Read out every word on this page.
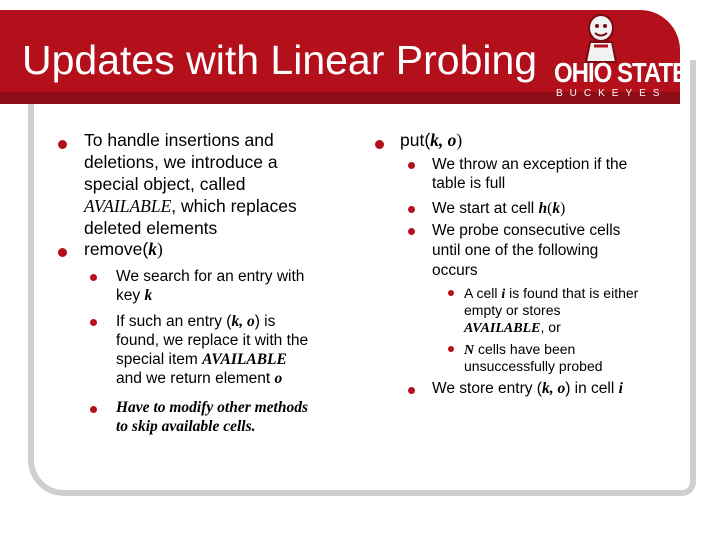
Updates with Linear Probing OHIO STATE
BUCKEYES
To handle insertions and
deletions, we introduce a
special object, called
AVAILABLE, which replaces
deleted elements
remove(k)
We search for an entry with
key k
If such an entry (k, o) is
found, we replace it with the
special item AVAILABLE
and we return element o
Have to modify other methods
to skip available cells.
put(k, o)
We throw an exception if the
table is full
We start at cell h(k)
We probe consecutive cells
until one of the following
occurs
A cell i is found that is either
empty or stores
AVAILABLE, or
N cells have been
unsuccessfully probed
We store entry (k, o) in cell i
